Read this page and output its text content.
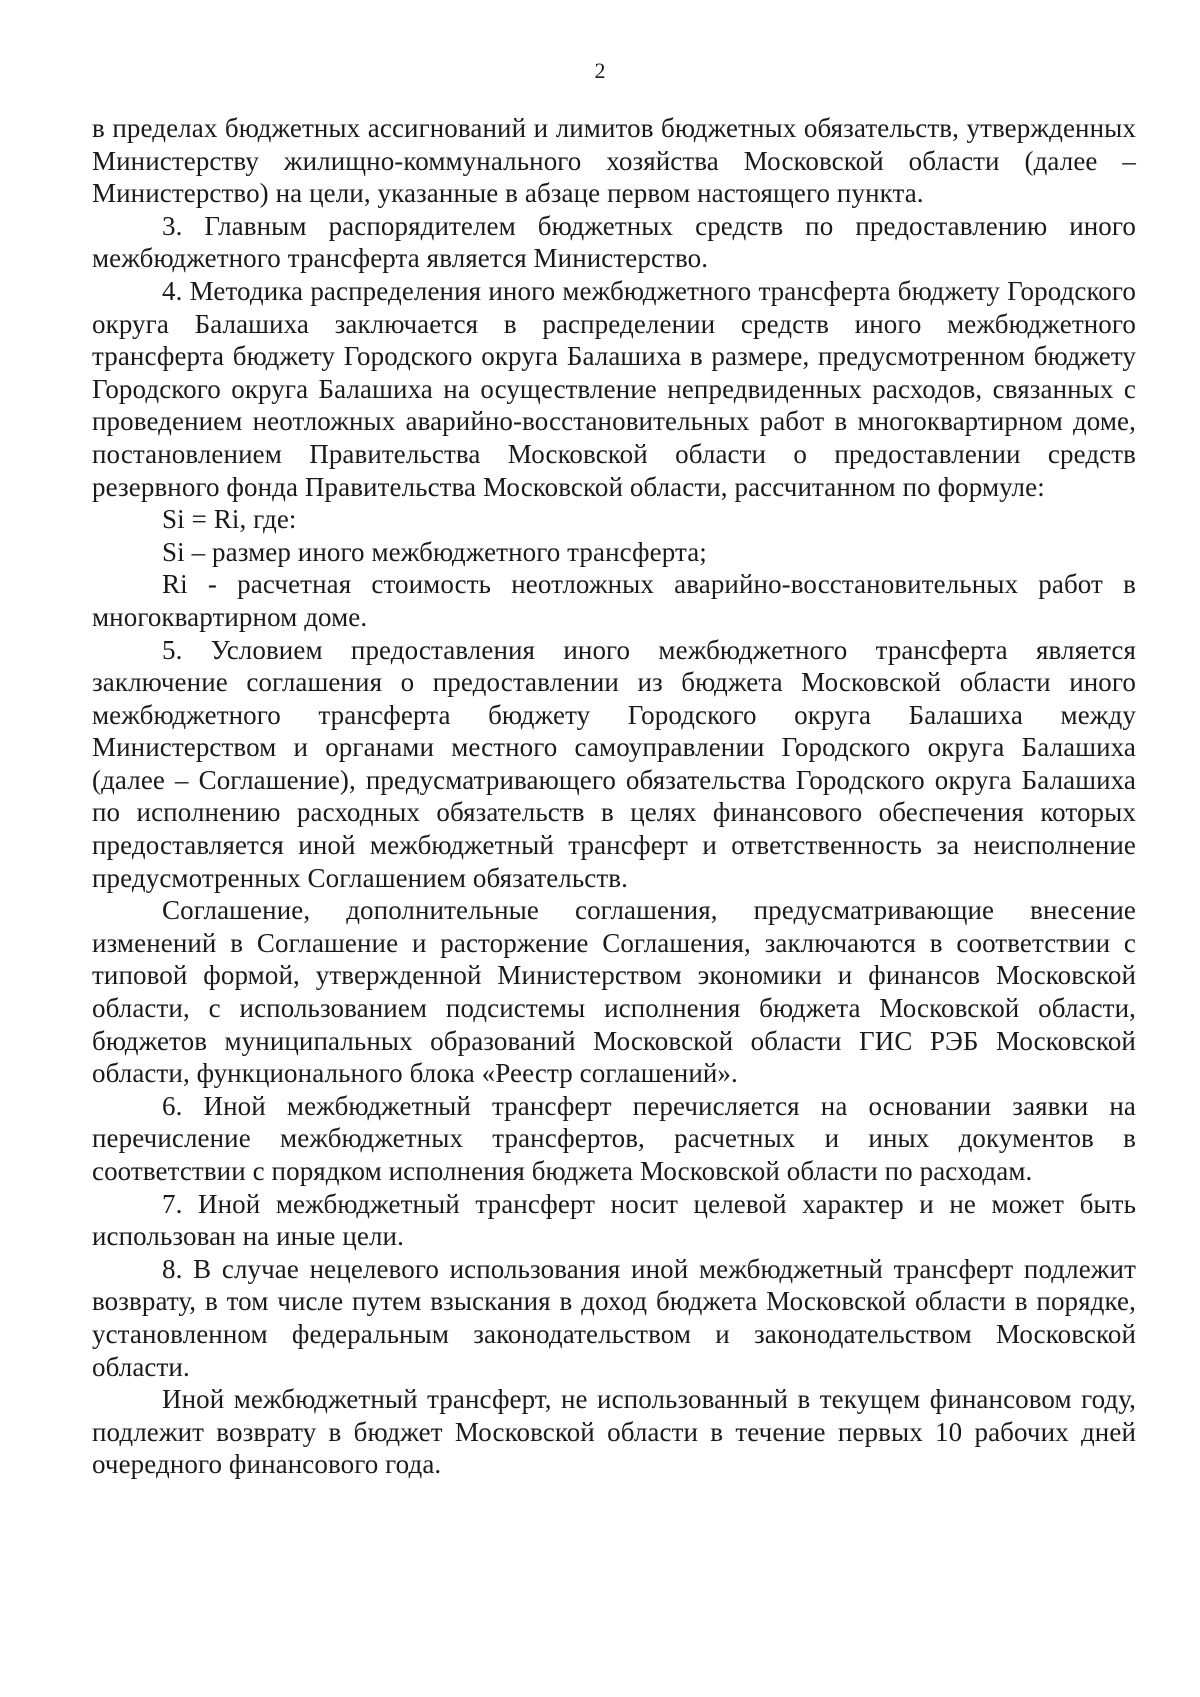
2

в пределах бюджетных ассигнований и лимитов бюджетных обязательств, утвержденных Министерству жилищно-коммунального хозяйства Московской области (далее – Министерство) на цели, указанные в абзаце первом настоящего пункта.

3. Главным распорядителем бюджетных средств по предоставлению иного межбюджетного трансферта является Министерство.

4. Методика распределения иного межбюджетного трансферта бюджету Городского округа Балашиха заключается в распределении средств иного межбюджетного трансферта бюджету Городского округа Балашиха в размере, предусмотренном бюджету Городского округа Балашиха на осуществление непредвиденных расходов, связанных с проведением неотложных аварийно-восстановительных работ в многоквартирном доме, постановлением Правительства Московской области о предоставлении средств резервного фонда Правительства Московской области, рассчитанном по формуле:

Si = Ri, где:

Si – размер иного межбюджетного трансферта;

Ri - расчетная стоимость неотложных аварийно-восстановительных работ в многоквартирном доме.

5. Условием предоставления иного межбюджетного трансферта является заключение соглашения о предоставлении из бюджета Московской области иного межбюджетного трансферта бюджету Городского округа Балашиха между Министерством и органами местного самоуправлении Городского округа Балашиха (далее – Соглашение), предусматривающего обязательства Городского округа Балашиха по исполнению расходных обязательств в целях финансового обеспечения которых предоставляется иной межбюджетный трансферт и ответственность за неисполнение предусмотренных Соглашением обязательств.

Соглашение, дополнительные соглашения, предусматривающие внесение изменений в Соглашение и расторжение Соглашения, заключаются в соответствии с типовой формой, утвержденной Министерством экономики и финансов Московской области, с использованием подсистемы исполнения бюджета Московской области, бюджетов муниципальных образований Московской области ГИС РЭБ Московской области, функционального блока «Реестр соглашений».

6. Иной межбюджетный трансферт перечисляется на основании заявки на перечисление межбюджетных трансфертов, расчетных и иных документов в соответствии с порядком исполнения бюджета Московской области по расходам.

7. Иной межбюджетный трансферт носит целевой характер и не может быть использован на иные цели.

8. В случае нецелевого использования иной межбюджетный трансферт подлежит возврату, в том числе путем взыскания в доход бюджета Московской области в порядке, установленном федеральным законодательством и законодательством Московской области.

Иной межбюджетный трансферт, не использованный в текущем финансовом году, подлежит возврату в бюджет Московской области в течение первых 10 рабочих дней очередного финансового года.
